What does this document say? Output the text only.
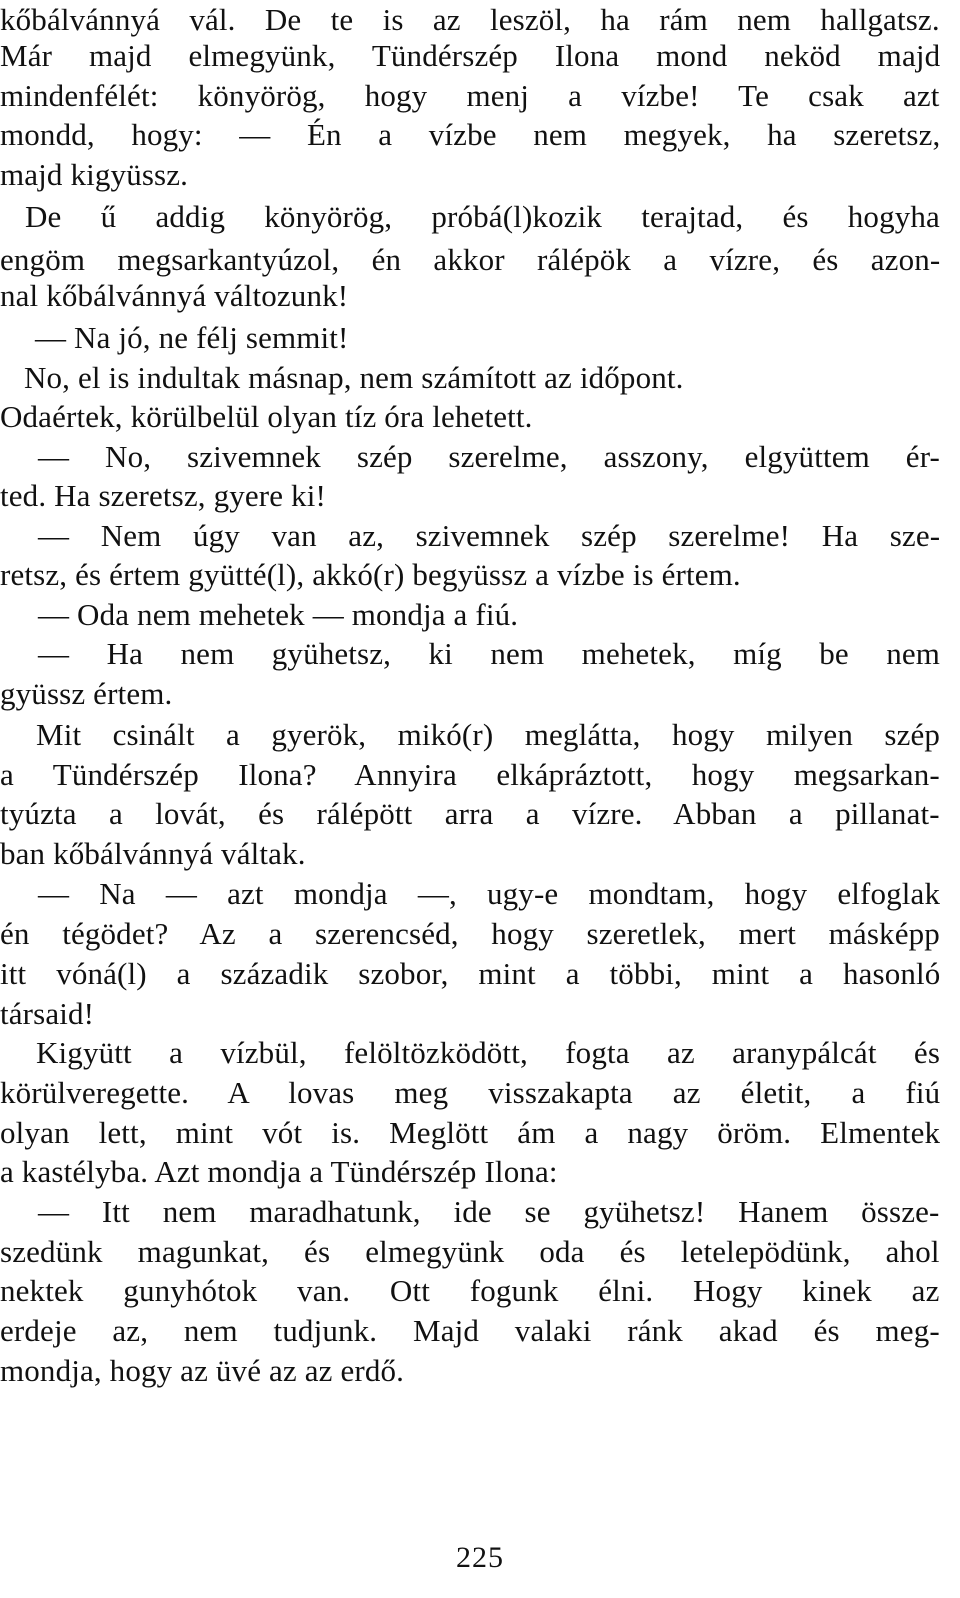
kőbálvánnyá vál. De te is az leszöl, ha rám nem hallgatsz.
Már majd elmegyünk, Tündérszép Ilona mond neköd majd
mindenfélét: könyörög, hogy menj a vízbe! Te csak azt
mondd, hogy: — Én a vízbe nem megyek, ha szeretsz,
majd kigyüssz.
De ű addig könyörög, próbá(l)kozik terajtad, és hogyha
engöm megsarkantyúzol, én akkor rálépök a vízre, és azon-
nal kőbálvánnyá változunk!
— Na jó, ne félj semmit!
No, el is indultak másnap, nem számított az időpont.
Odaértek, körülbelül olyan tíz óra lehetett.
— No, szivemnek szép szerelme, asszony, elgyüttem ér-
ted. Ha szeretsz, gyere ki!
— Nem úgy van az, szivemnek szép szerelme! Ha sze-
retsz, és értem gyütté(l), akkó(r) begyüssz a vízbe is értem.
— Oda nem mehetek — mondja a fiú.
— Ha nem gyühetsz, ki nem mehetek, míg be nem
gyüssz értem.
Mit csinált a gyerök, mikó(r) meglátta, hogy milyen szép
a Tündérszép Ilona? Annyira elkápráztott, hogy megsarkan-
tyúzta a lovát, és rálépött arra a vízre. Abban a pillanat-
ban kőbálvánnyá váltak.
— Na — azt mondja —, ugy-e mondtam, hogy elfoglak
én tégödet? Az a szerencséd, hogy szeretlek, mert másképp
itt vóná(l) a századik szobor, mint a többi, mint a hasonló
társaid!
Kigyütt a vízbül, felöltözködött, fogta az aranypálcát és
körülveregette. A lovas meg visszakapta az életit, a fiú
olyan lett, mint vót is. Meglött ám a nagy öröm. Elmentek
a kastélyba. Azt mondja a Tündérszép Ilona:
— Itt nem maradhatunk, ide se gyühetsz! Hanem össze-
szedünk magunkat, és elmegyünk oda és letelepödünk, ahol
nektek gunyhótok van. Ott fogunk élni. Hogy kinek az
erdeje az, nem tudjunk. Majd valaki ránk akad és meg-
mondja, hogy az üvé az az erdő.
225
